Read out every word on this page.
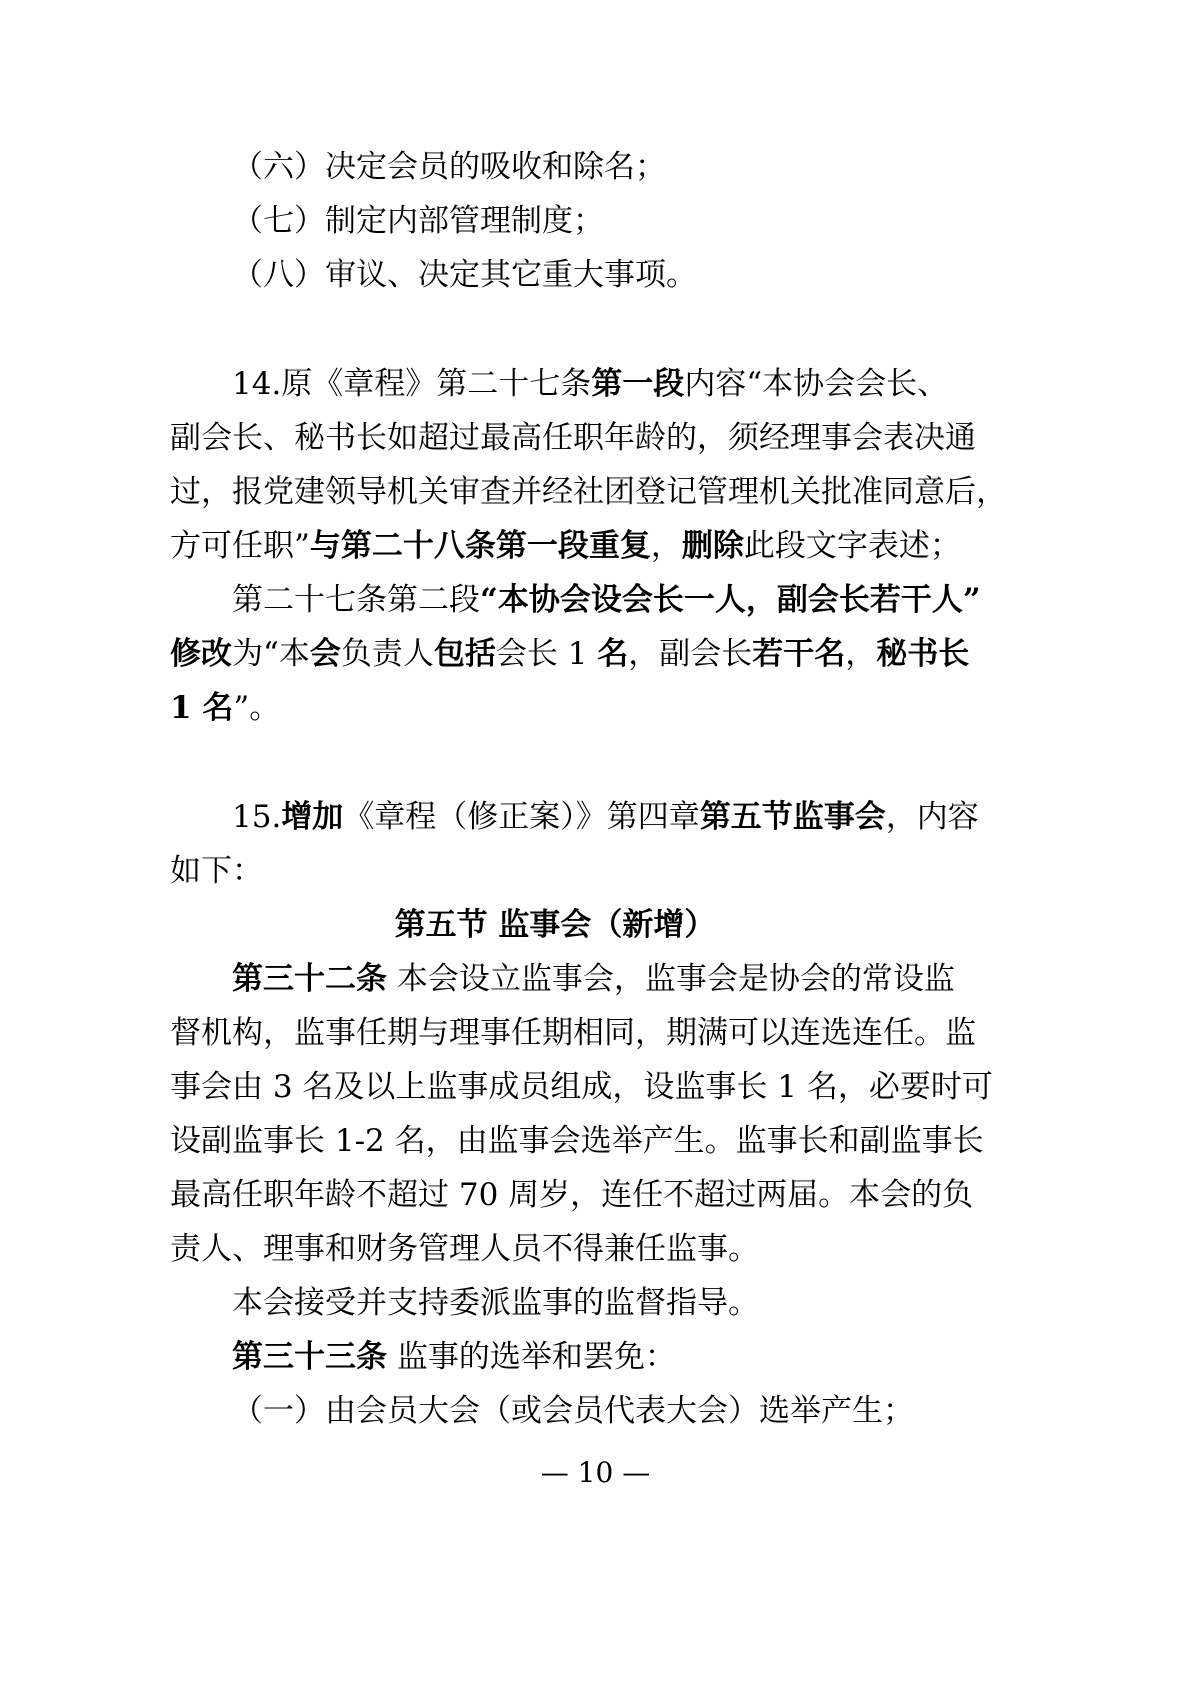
（六）决定会员的吸收和除名；
（七）制定内部管理制度；
（八）审议、决定其它重大事项。
14.原《章程》第二十七条第一段内容“本协会会长、
副会长、秘书长如超过最高任职年龄的，须经理事会表决通
过，报党建领导机关审查并经社团登记管理机关批准同意后，
方可任职”与第二十八条第一段重复，删除此段文字表述；
第二十七条第二段“本协会设会长一人，副会长若干人”
修改为“本会负责人包括会长 1 名，副会长若干名，秘书长
1 名”。
15.增加《章程（修正案）》第四章第五节监事会，内容
如下：
第五节 监事会（新增）
第三十二条 本会设立监事会，监事会是协会的常设监
督机构，监事任期与理事任期相同，期满可以连选连任。监
事会由 3 名及以上监事成员组成，设监事长 1 名，必要时可
设副监事长 1-2 名，由监事会选举产生。监事长和副监事长
最高任职年龄不超过 70 周岁，连任不超过两届。本会的负
责人、理事和财务管理人员不得兼任监事。
本会接受并支持委派监事的监督指导。
第三十三条 监事的选举和罢免：
（一）由会员大会（或会员代表大会）选举产生；
— 10 —
